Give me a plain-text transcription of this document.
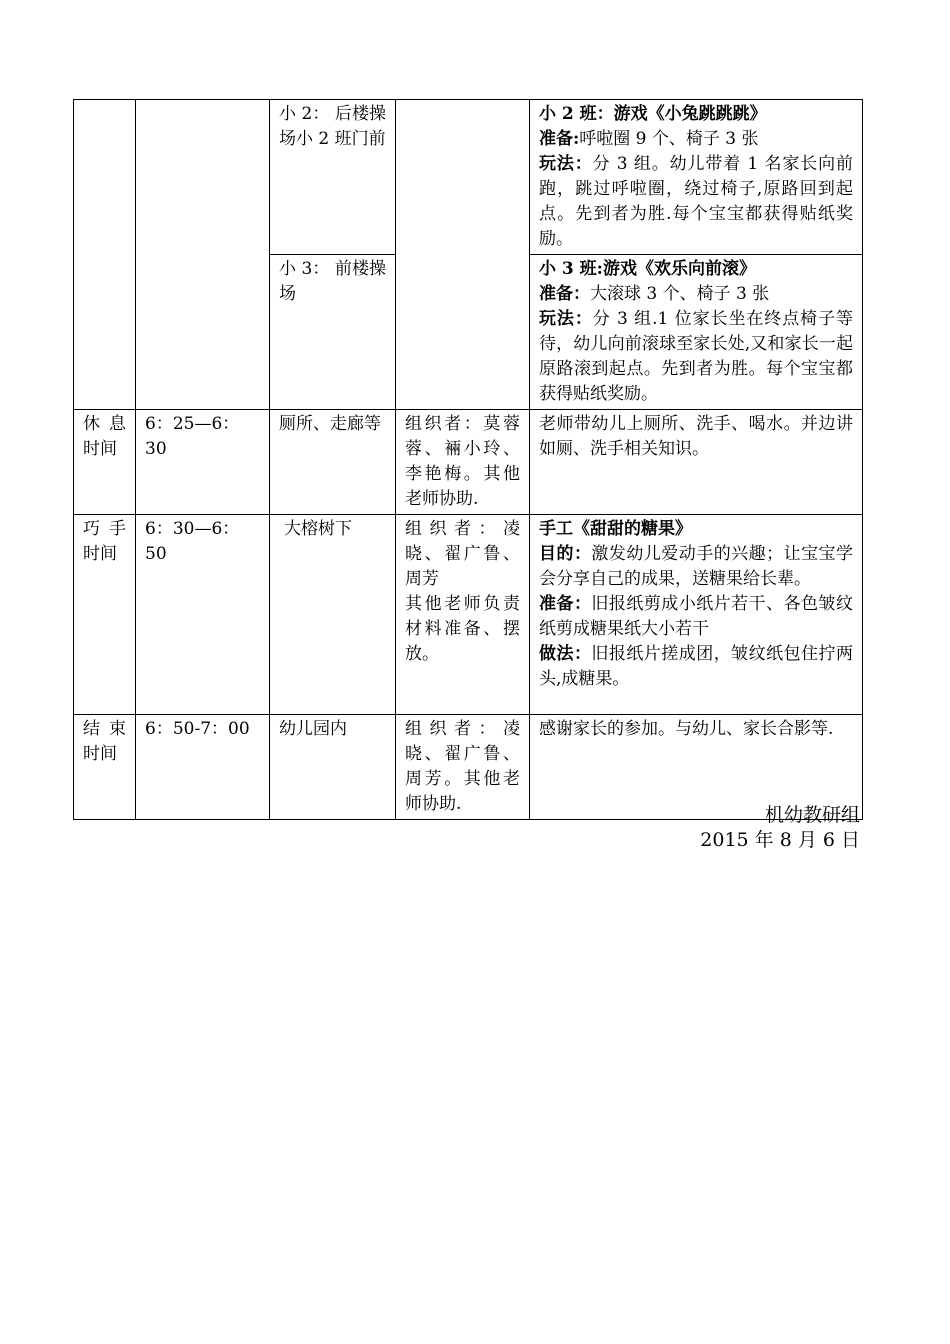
		小 2： 后楼操场小 2 班门前		小 2 班：游戏《小兔跳跳跳》
准备:呼啦圈 9 个、椅子 3 张
玩法：分 3 组。幼儿带着 1 名家长向前跑，跳过呼啦圈，绕过椅子,原路回到起点。先到者为胜.每个宝宝都获得贴纸奖励。

		小 3： 前楼操场		小 3 班:游戏《欢乐向前滚》
准备：大滚球 3 个、椅子 3 张
玩法：分 3 组.1 位家长坐在终点椅子等待，幼儿向前滚球至家长处,又和家长一起原路滚到起点。先到者为胜。每个宝宝都获得贴纸奖励。

休息时间	6：25—6：30	厕所、走廊等	组织者：莫蓉蓉、裲小玲、李艳梅。其他老师协助.	老师带幼儿上厕所、洗手、喝水。并边讲如厕、洗手相关知识。
巧手时间	6：30—6：50	大榕树下	组织者：凌晓、翟广鲁、周芳
其他老师负责材料准备、摆放。	手工《甜甜的糖果》
目的：激发幼儿爱动手的兴趣；让宝宝学会分享自己的成果，送糖果给长辈。
准备：旧报纸剪成小纸片若干、各色皱纹纸剪成糖果纸大小若干
做法：旧报纸片搓成团，皱纹纸包住拧两头,成糖果。

结束时间	6：50-7：00	幼儿园内	组织者：凌晓、翟广鲁、周芳。其他老师协助.	感谢家长的参加。与幼儿、家长合影等.
机幼教研组
2015 年 8 月 6 日
